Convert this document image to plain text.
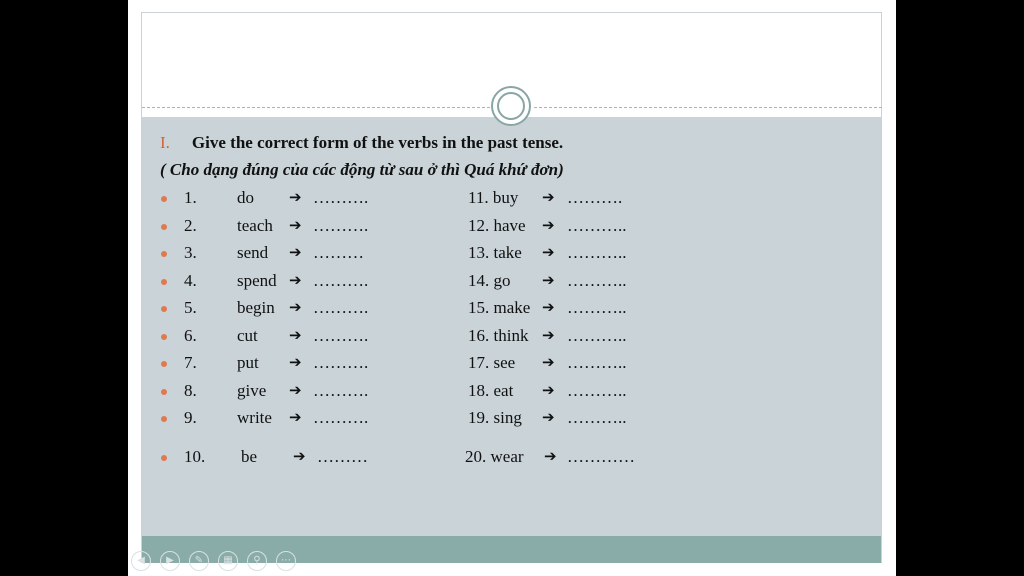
I. Give the correct form of the verbs in the past tense.
( Cho dạng đúng của các động từ sau ở thì Quá khứ đơn)
1. do ➔ ……….	11. buy ➔ ……….
2. teach ➔ ……….	12. have ➔ ………..
3. send ➔ ………	13. take ➔ ………..
4. spend ➔ ……….	14. go ➔ ………..
5. begin ➔ ……….	15. make ➔ ………..
6. cut ➔ ……….	16. think ➔ ………..
7. put ➔ ……….	17. see ➔ ………..
8. give ➔ ……….	18. eat ➔ ………..
9. write ➔ ……….	19. sing ➔ ………..
10. be ➔ ………	20. wear ➔ …………
◀	▶	✎	▦	⚲	⋯
